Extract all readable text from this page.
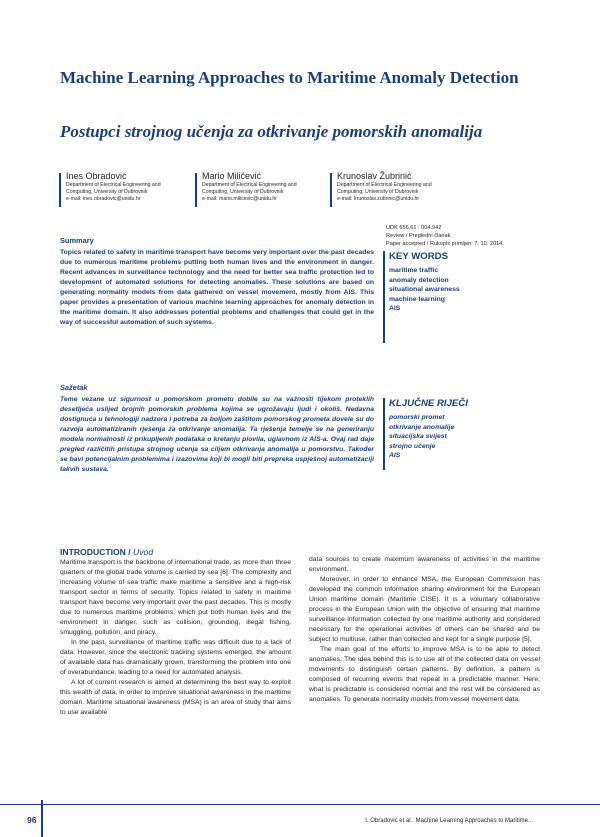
Machine Learning Approaches to Maritime Anomaly Detection
Postupci strojnog učenja za otkrivanje pomorskih anomalija
Ines Obradović
Department of Electrical Engineering and
Computing, University of Dubrovnik
e-mail: ines.obradovic@unidu.hr
Mario Miličević
Department of Electrical Engineering and
Computing, University of Dubrovnik
e-mail: mario.milicevic@unidu.hr
Krunoslav Žubrinić
Department of Electrical Engineering and
Computing, University of Dubrovnik
e-mail: krunoslav.zubrinic@unidu.hr
UDK 656.61 : 004.942
Review / Pregledni članak
Paper accepted / Rukopis primljen: 7. 10. 2014.
Summary

Topics related to safety in maritime transport have become very important over the past decades due to numerous maritime problems putting both human lives and the environment in danger. Recent advances in surveillance technology and the need for better sea traffic protection led to development of automated solutions for detecting anomalies. These solutions are based on generating normality models from data gathered on vessel movement, mostly from AIS. This paper provides a presentation of various machine learning approaches for anomaly detection in the maritime domain. It also addresses potential problems and challenges that could get in the way of successful automation of such systems.

KEY WORDS
maritime traffic
anomaly detection
situational awareness
machine learning
AIS
Sažetak

Teme vezane uz sigurnost u pomorskom prometu dobile su na važnosti tijekom proteklih desetljeća uslijed brojnih pomorskih problema kojima se ugrožavaju ljudi i okoliš. Nedavna dostignuća u tehnologiji nadzora i potreba za boljom zaštitom pomorskog prometa dovele su do razvoja automatiziranih rješenja za otkrivanje anomalija. Ta rješenja temelje se na generiranju modela normalnosti iz prikupljenih podataka o kretanju plovila, uglavnom iz AIS-a. Ovaj rad daje pregled različitih pristupa strojnog učenja sa ciljem otkrivanja anomalija u pomorstvu. Također se bavi potencijalnim problemima i izazovima koji bi mogli biti prepreka uspješnoj automatizaciji takvih sustava.

KLJUČNE RIJEČI
pomorski promet
otkrivanje anomalije
situacijska svijest
strojno učenje
AIS
INTRODUCTION / Uvod

Maritime transport is the backbone of international trade, as more than three quarters of the global trade volume is carried by sea [6]. The complexity and increasing volume of sea traffic make maritime a sensitive and a high-risk transport sector in terms of security. Topics related to safety in maritime transport have become very important over the past decades. This is mostly due to numerous maritime problems, which put both human lives and the environment in danger, such as collision, grounding, illegal fishing, smuggling, pollution, and piracy.

In the past, surveillance of maritime traffic was difficult due to a lack of data. However, since the electronic tracking systems emerged, the amount of available data has dramatically grown, transforming the problem into one of overabundance, leading to a need for automated analysis.

A lot of current research is aimed at determining the best way to exploit this wealth of data, in order to improve situational awareness in the maritime domain. Maritime situational awareness (MSA) is an area of study that aims to use available

data sources to create maximum awareness of activities in the maritime environment.

Moreover, in order to enhance MSA, the European Commission has developed the common information sharing environment for the European Union maritime domain (Maritime CISE). It is a voluntary collaborative process in the European Union with the objective of ensuring that maritime surveillance information collected by one maritime authority and considered necessary for the operational activities of others can be shared and be subject to multiuse, rather than collected and kept for a single purpose [5].

The main goal of the efforts to improve MSA is to be able to detect anomalies. The idea behind this is to use all of the collected data on vessel movements to distinguish certain patterns. By definition, a pattern is composed of recurring events that repeat in a predictable manner. Here, what is predictable is considered normal and the rest will be considered as anomalies. To generate normality models from vessel movement data,

96	I. Obradović et al.: Machine Learning Approaches to Maritime...
